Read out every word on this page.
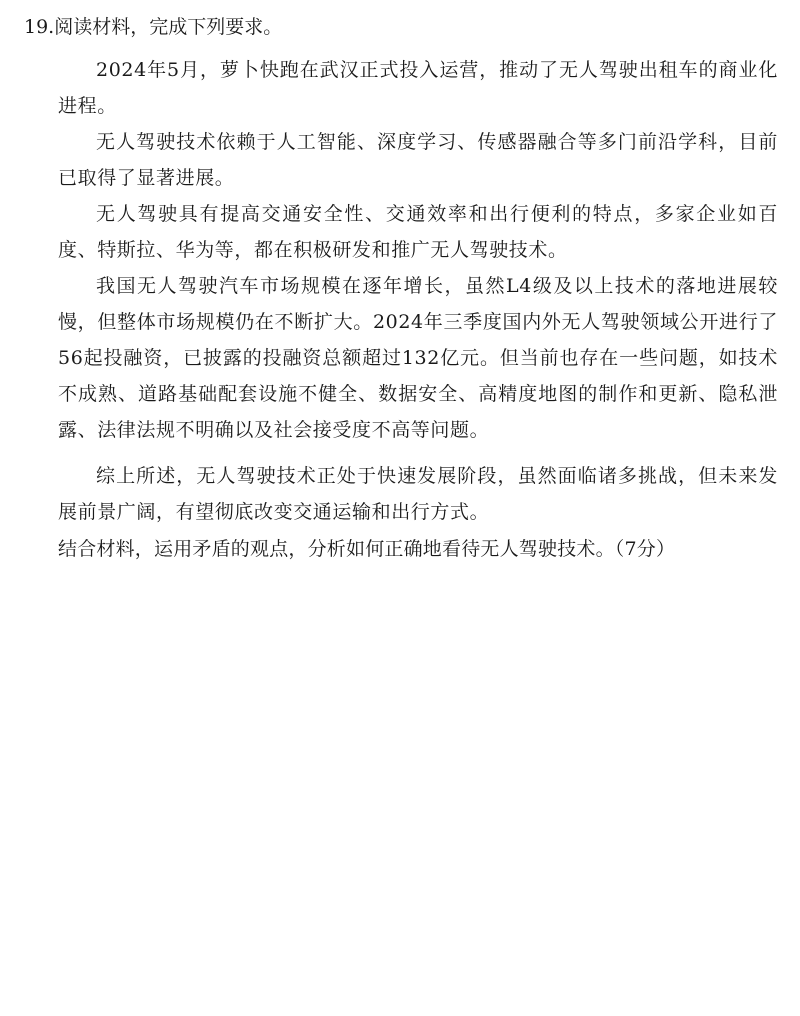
19.阅读材料，完成下列要求。

2024年5月，萝卜快跑在武汉正式投入运营，推动了无人驾驶出租车的商业化进程。

无人驾驶技术依赖于人工智能、深度学习、传感器融合等多门前沿学科，目前已取得了显著进展。

无人驾驶具有提高交通安全性、交通效率和出行便利的特点，多家企业如百度、特斯拉、华为等，都在积极研发和推广无人驾驶技术。

我国无人驾驶汽车市场规模在逐年增长，虽然L4级及以上技术的落地进展较慢，但整体市场规模仍在不断扩大。2024年三季度国内外无人驾驶领域公开进行了56起投融资，已披露的投融资总额超过132亿元。但当前也存在一些问题，如技术不成熟、道路基础配套设施不健全、数据安全、高精度地图的制作和更新、隐私泄露、法律法规不明确以及社会接受度不高等问题。

综上所述，无人驾驶技术正处于快速发展阶段，虽然面临诸多挑战，但未来发展前景广阔，有望彻底改变交通运输和出行方式。

结合材料，运用矛盾的观点，分析如何正确地看待无人驾驶技术。（7分）
